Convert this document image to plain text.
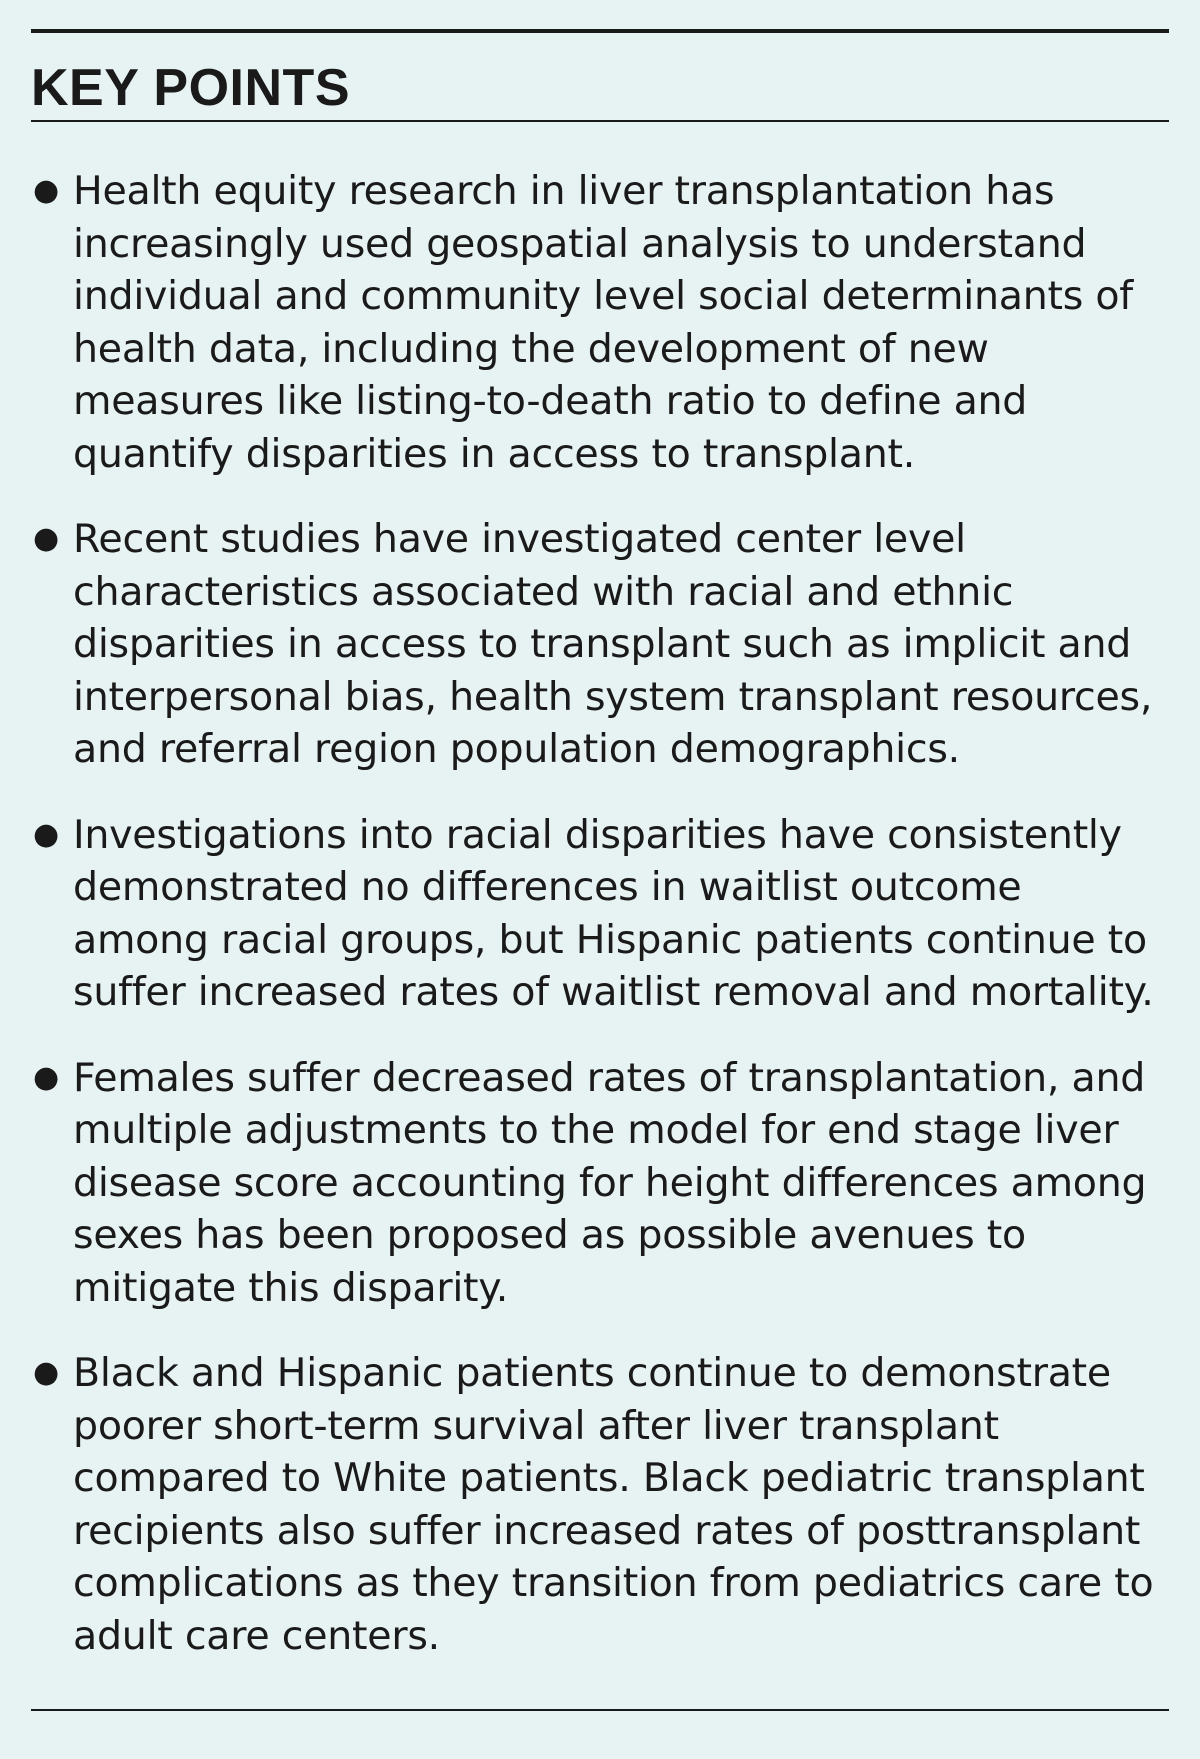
KEY POINTS
● Health equity research in liver transplantation has increasingly used geospatial analysis to understand individual and community level social determinants of health data, including the development of new measures like listing-to-death ratio to define and quantify disparities in access to transplant.
● Recent studies have investigated center level characteristics associated with racial and ethnic disparities in access to transplant such as implicit and interpersonal bias, health system transplant resources, and referral region population demographics.
● Investigations into racial disparities have consistently demonstrated no differences in waitlist outcome among racial groups, but Hispanic patients continue to suffer increased rates of waitlist removal and mortality.
● Females suffer decreased rates of transplantation, and multiple adjustments to the model for end stage liver disease score accounting for height differences among sexes has been proposed as possible avenues to mitigate this disparity.
● Black and Hispanic patients continue to demonstrate poorer short-term survival after liver transplant compared to White patients. Black pediatric transplant recipients also suffer increased rates of posttransplant complications as they transition from pediatrics care to adult care centers.
